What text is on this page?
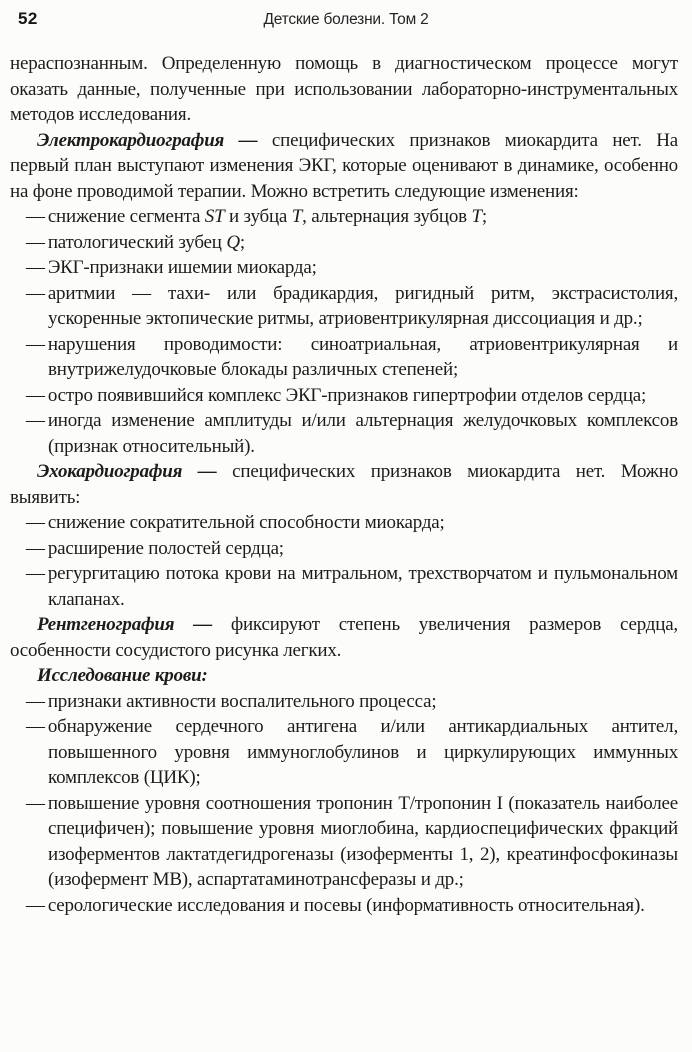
52	Детские болезни. Том 2

нераспознанным. Определенную помощь в диагностическом процессе могут оказать данные, полученные при использовании лабораторно-инструментальных методов исследования.

Электрокардиография — специфических признаков миокардита нет. На первый план выступают изменения ЭКГ, которые оценивают в динамике, особенно на фоне проводимой терапии. Можно встретить следующие изменения:

— снижение сегмента ST и зубца T, альтернация зубцов T;
— патологический зубец Q;
— ЭКГ-признаки ишемии миокарда;
— аритмии — тахи- или брадикардия, ригидный ритм, экстрасистолия, ускоренные эктопические ритмы, атриовентрикулярная диссоциация и др.;
— нарушения проводимости: синоатриальная, атриовентрикулярная и внутрижелудочковые блокады различных степеней;
— остро появившийся комплекс ЭКГ-признаков гипертрофии отделов сердца;
— иногда изменение амплитуды и/или альтернация желудочковых комплексов (признак относительный).

Эхокардиография — специфических признаков миокардита нет. Можно выявить:

— снижение сократительной способности миокарда;
— расширение полостей сердца;
— регургитацию потока крови на митральном, трехстворчатом и пульмональном клапанах.

Рентгенография — фиксируют степень увеличения размеров сердца, особенности сосудистого рисунка легких.

Исследование крови:

— признаки активности воспалительного процесса;
— обнаружение сердечного антигена и/или антикардиальных антител, повышенного уровня иммуноглобулинов и циркулирующих иммунных комплексов (ЦИК);
— повышение уровня соотношения тропонин Т/тропонин I (показатель наиболее специфичен); повышение уровня миоглобина, кардиоспецифических фракций изоферментов лактатдегидрогеназы (изоферменты 1, 2), креатинфосфокиназы (изофермент МВ), аспартатаминотрансферазы и др.;
— серологические исследования и посевы (информативность относительная).
